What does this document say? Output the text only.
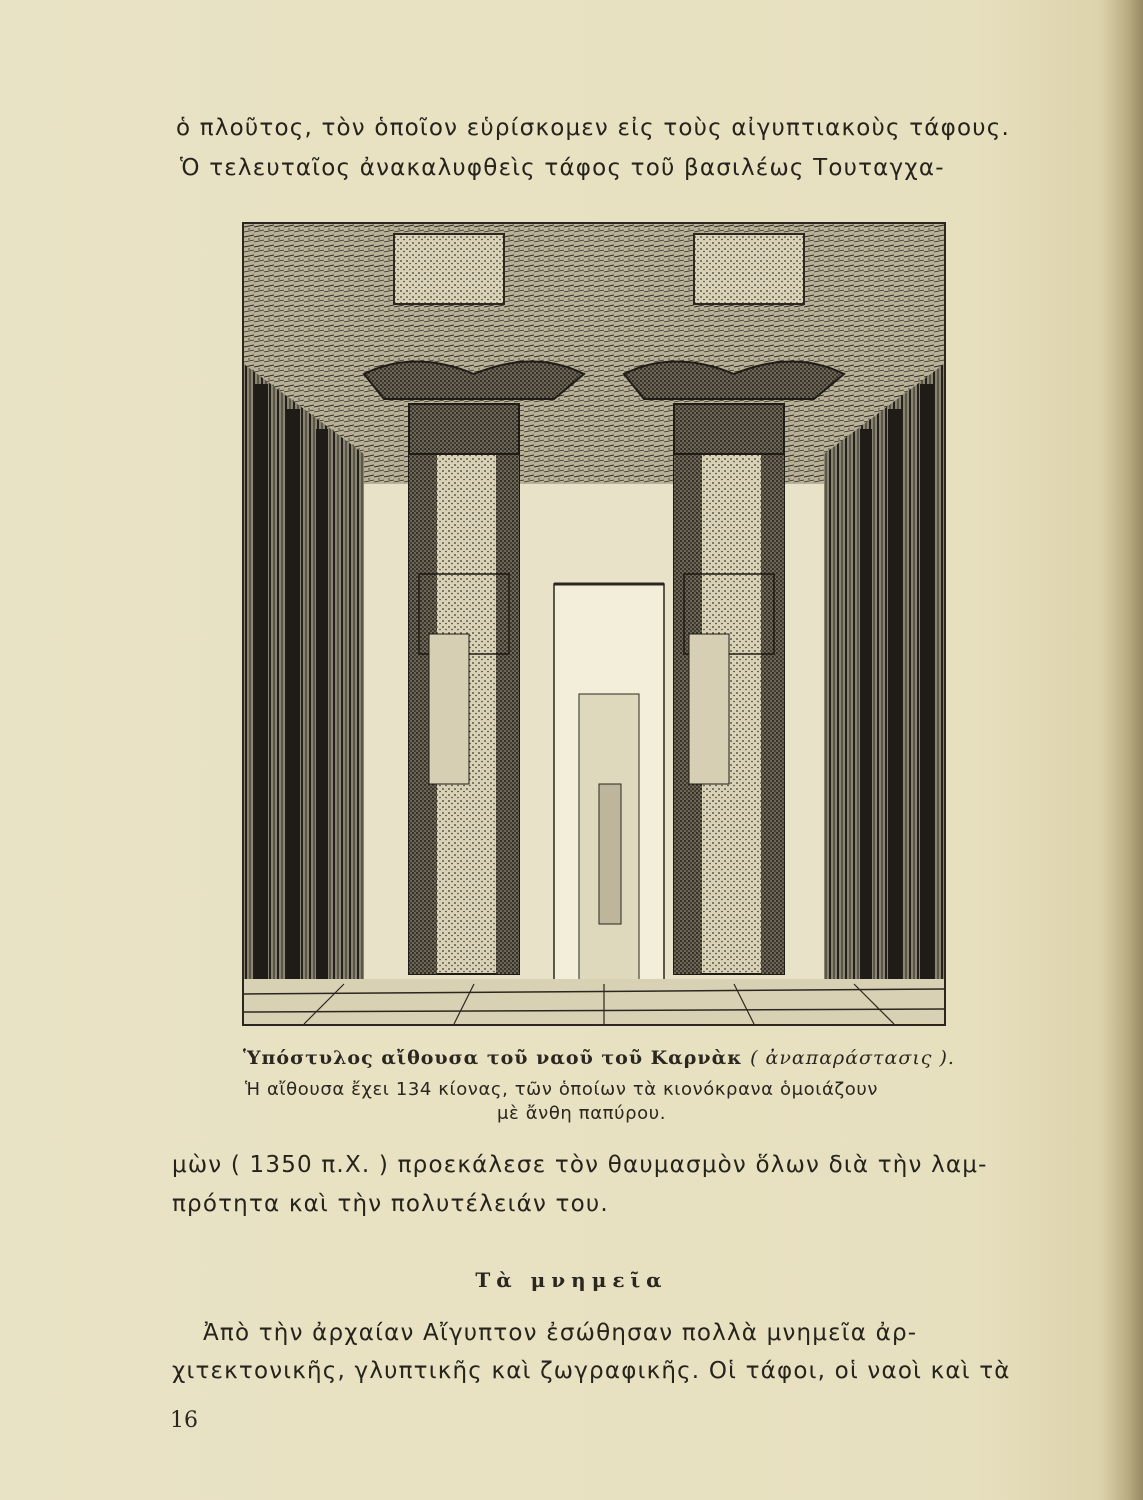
ὁ πλοῦτος, τὸν ὁποῖον εὑρίσκομεν εἰς τοὺς αἰγυπτιακοὺς τάφους.
Ὁ τελευταῖος ἀνακαλυφθεὶς τάφος τοῦ βασιλέως Τουταγχα-
Ὑπόστυλος αἴθουσα τοῦ ναοῦ τοῦ Καρνὰκ ( ἀναπαράστασις ).
Ἡ αἴθουσα ἔχει 134 κίονας, τῶν ὁποίων τὰ κιονόκρανα ὁμοιάζουν
μὲ ἄνθη παπύρου.
μὼν ( 1350 π.Χ. ) προεκάλεσε τὸν θαυμασμὸν ὅλων διὰ τὴν λαμ-
πρότητα καὶ τὴν πολυτέλειάν του.
Τὰ μνημεῖα
Ἀπὸ τὴν ἀρχαίαν Αἴγυπτον ἐσώθησαν πολλὰ μνημεῖα ἀρ-
χιτεκτονικῆς, γλυπτικῆς καὶ ζωγραφικῆς. Οἱ τάφοι, οἱ ναοὶ καὶ τὰ
16
